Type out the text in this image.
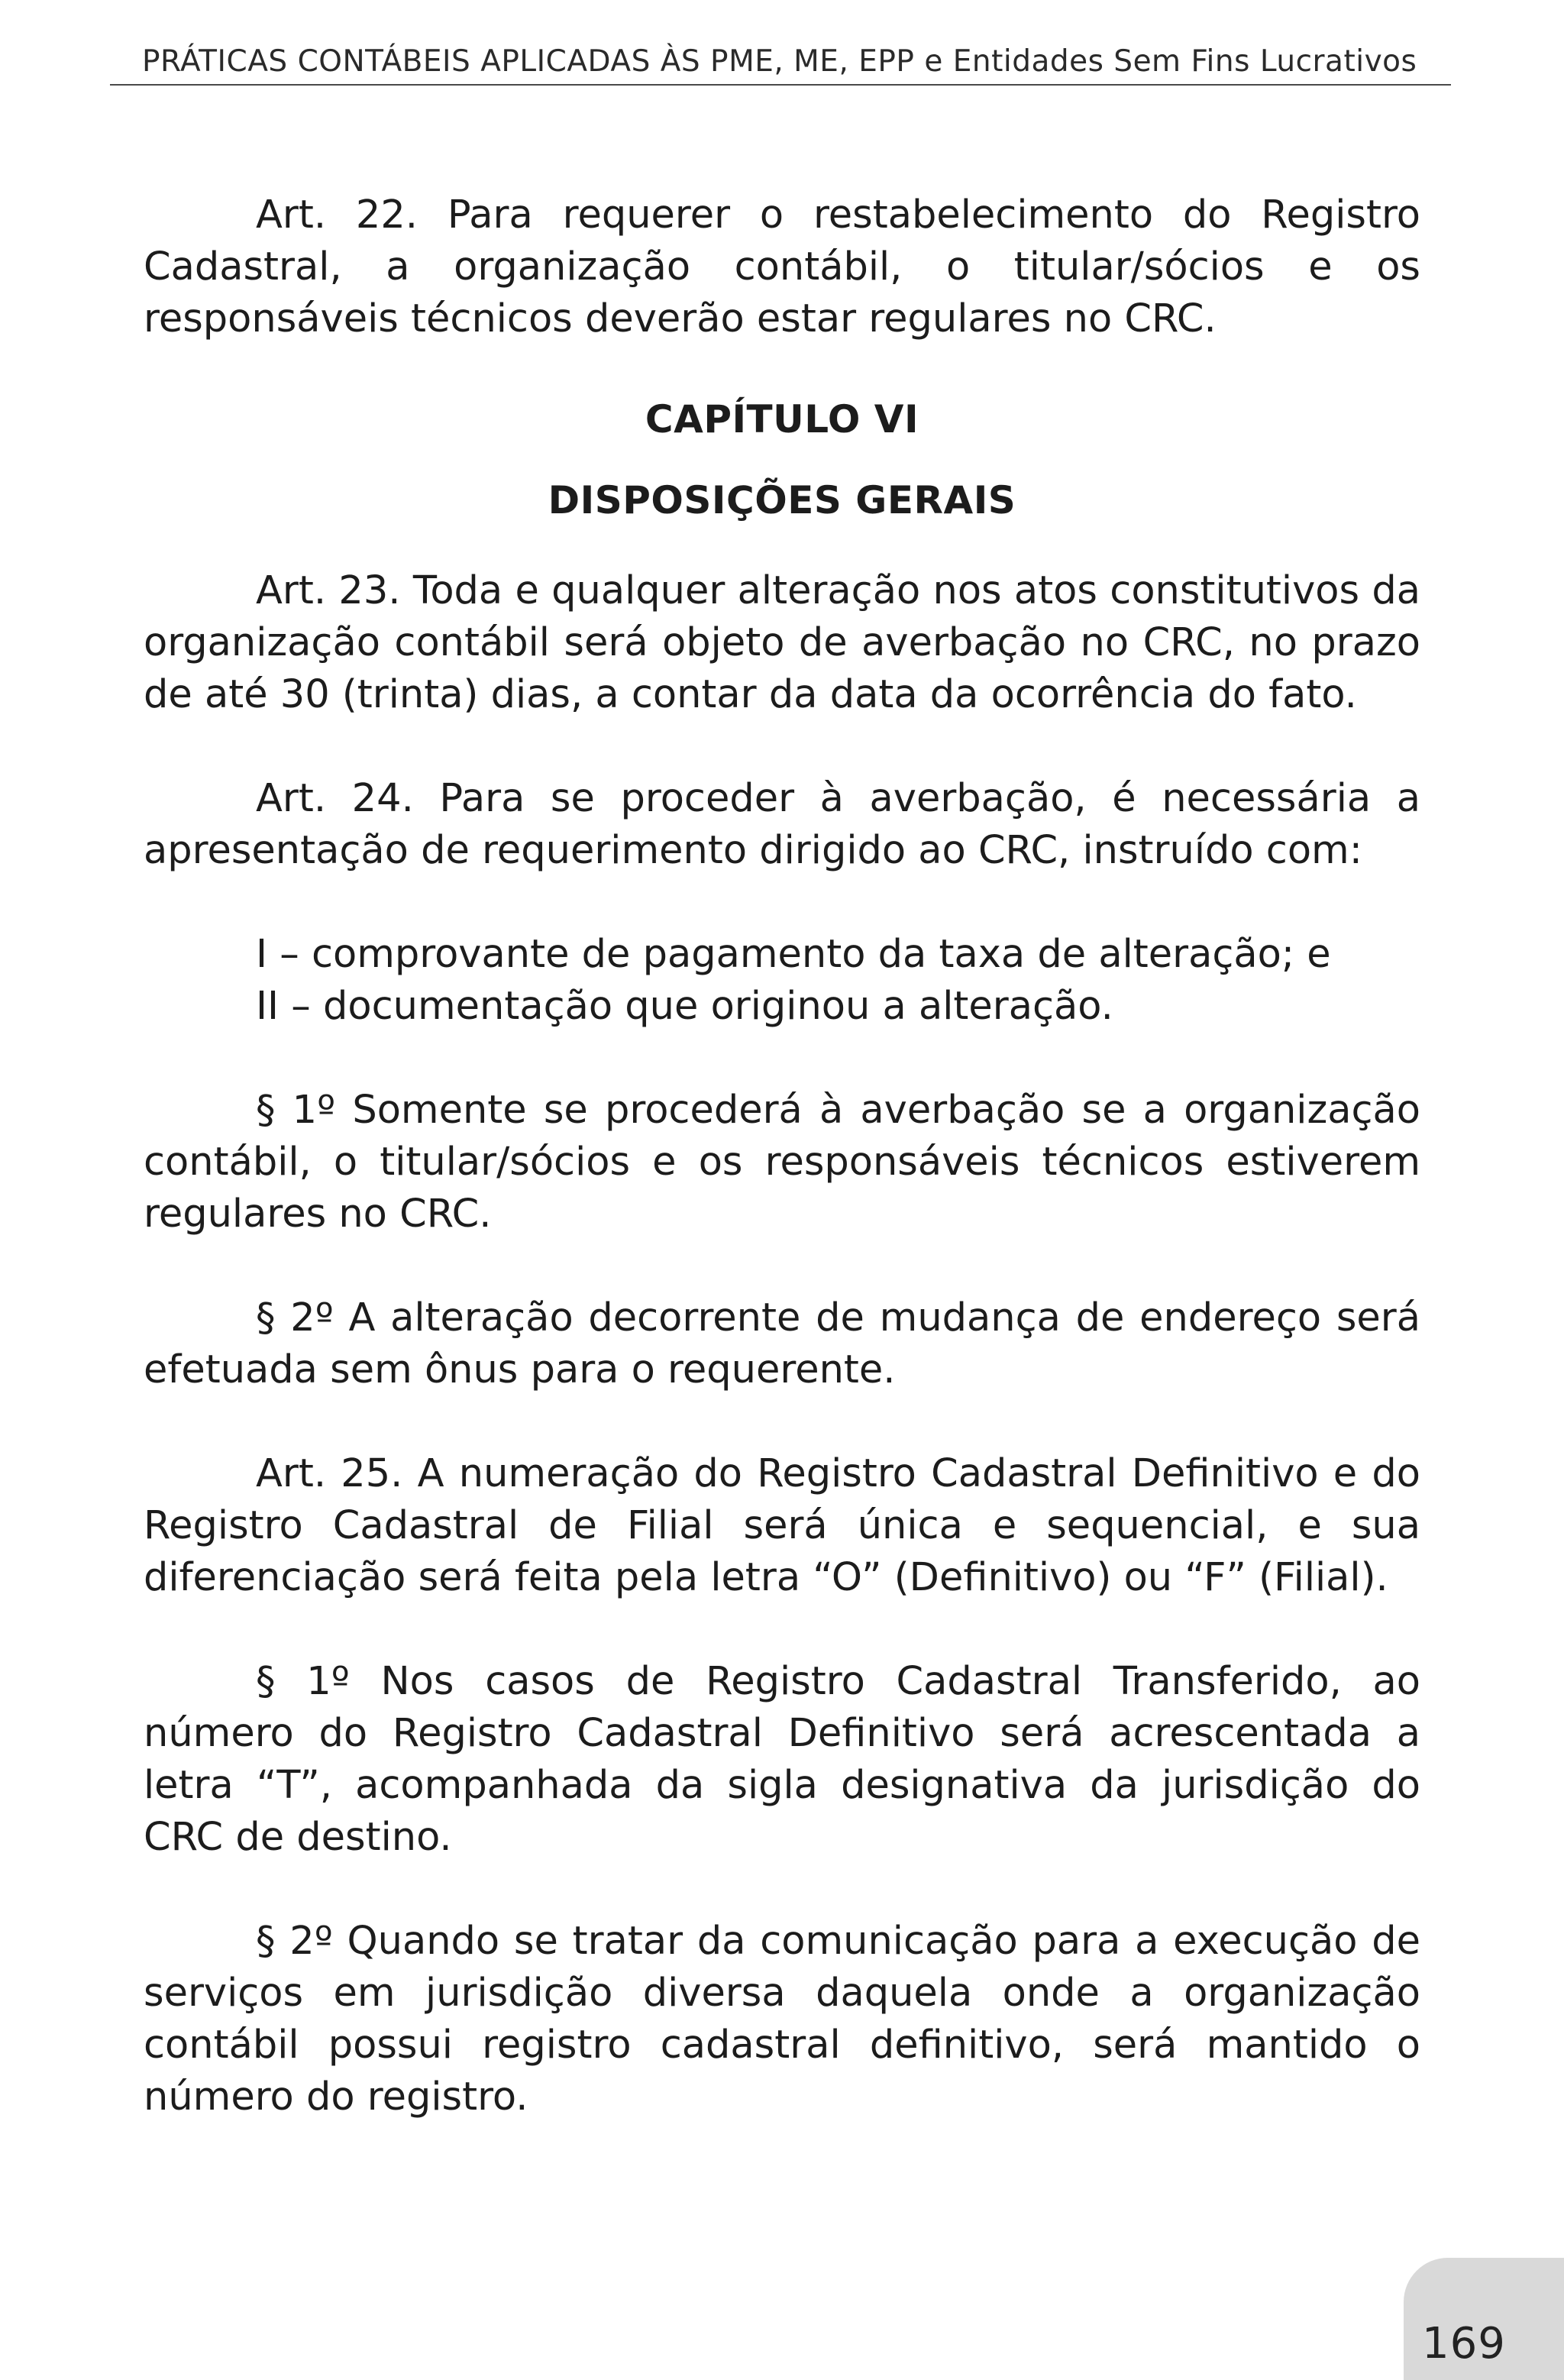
PRÁTICAS CONTÁBEIS APLICADAS ÀS PME, ME, EPP e Entidades Sem Fins Lucrativos

Art. 22. Para requerer o restabelecimento do Registro Cadastral, a organização contábil, o titular/sócios e os responsáveis técnicos deverão estar regulares no CRC.

CAPÍTULO VI

DISPOSIÇÕES GERAIS

Art. 23. Toda e qualquer alteração nos atos constitutivos da organização contábil será objeto de averbação no CRC, no prazo de até 30 (trinta) dias, a contar da data da ocorrência do fato.

Art. 24. Para se proceder à averbação, é necessária a apresentação de requerimento dirigido ao CRC, instruído com:

I – comprovante de pagamento da taxa de alteração; e

II – documentação que originou a alteração.

§ 1º Somente se procederá à averbação se a organização contábil, o titular/sócios e os responsáveis técnicos estiverem regulares no CRC.

§ 2º A alteração decorrente de mudança de endereço será efetuada sem ônus para o requerente.

Art. 25. A numeração do Registro Cadastral Definitivo e do Registro Cadastral de Filial será única e sequencial, e sua diferenciação será feita pela letra “O” (Definitivo) ou “F” (Filial).

§ 1º Nos casos de Registro Cadastral Transferido, ao número do Registro Cadastral Definitivo será acrescentada a letra “T”, acompanhada da sigla designativa da jurisdição do CRC de destino.

§ 2º Quando se tratar da comunicação para a execução de serviços em jurisdição diversa daquela onde a organização contábil possui registro cadastral definitivo, será mantido o número do registro.

169
